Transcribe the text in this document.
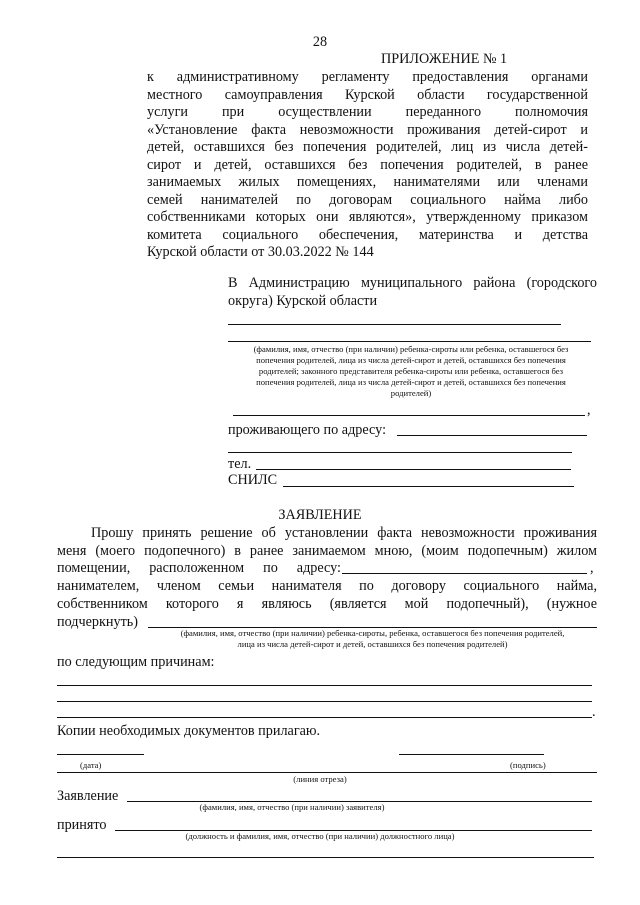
28
ПРИЛОЖЕНИЕ № 1
к административному регламенту предоставления органами
местного самоуправления Курской области государственной
услуги при осуществлении переданного полномочия
«Установление факта невозможности проживания детей-сирот и
детей, оставшихся без попечения родителей, лиц из числа детей-
сирот и детей, оставшихся без попечения родителей, в ранее
занимаемых жилых помещениях, нанимателями или членами
семей нанимателей по договорам социального найма либо
собственниками которых они являются», утвержденному приказом
комитета социального обеспечения, материнства и детства
Курской области от 30.03.2022 № 144
В Администрацию муниципального района (городского
округа) Курской области
(фамилия, имя, отчество (при наличии) ребенка-сироты или ребенка, оставшегося без
попечения родителей, лица из числа детей-сирот и детей, оставшихся без попечения
родителей; законного представителя ребенка-сироты или ребенка, оставшегося без
попечения родителей, лица из числа детей-сирот и детей, оставшихся без попечения
родителей)
,
проживающего по адресу:
тел.
СНИЛС
ЗАЯВЛЕНИЕ
Прошу принять решение об установлении факта невозможности проживания
меня (моего подопечного) в ранее занимаемом мною, (моим подопечным) жилом
помещении, расположенном по адресу:	,
нанимателем, членом семьи нанимателя по договору социального найма,
собственником которого я являюсь (является мой подопечный), (нужное
подчеркнуть)
(фамилия, имя, отчество (при наличии) ребенка-сироты, ребенка, оставшегося без попечения родителей,
лица из числа детей-сирот и детей, оставшихся без попечения родителей)
по следующим причинам:
.
Копии необходимых документов прилагаю.
(дата)	(подпись)
(линия отреза)
Заявление
(фамилия, имя, отчество (при наличии) заявителя)
принято
(должность и фамилия, имя, отчество (при наличии) должностного лица)
